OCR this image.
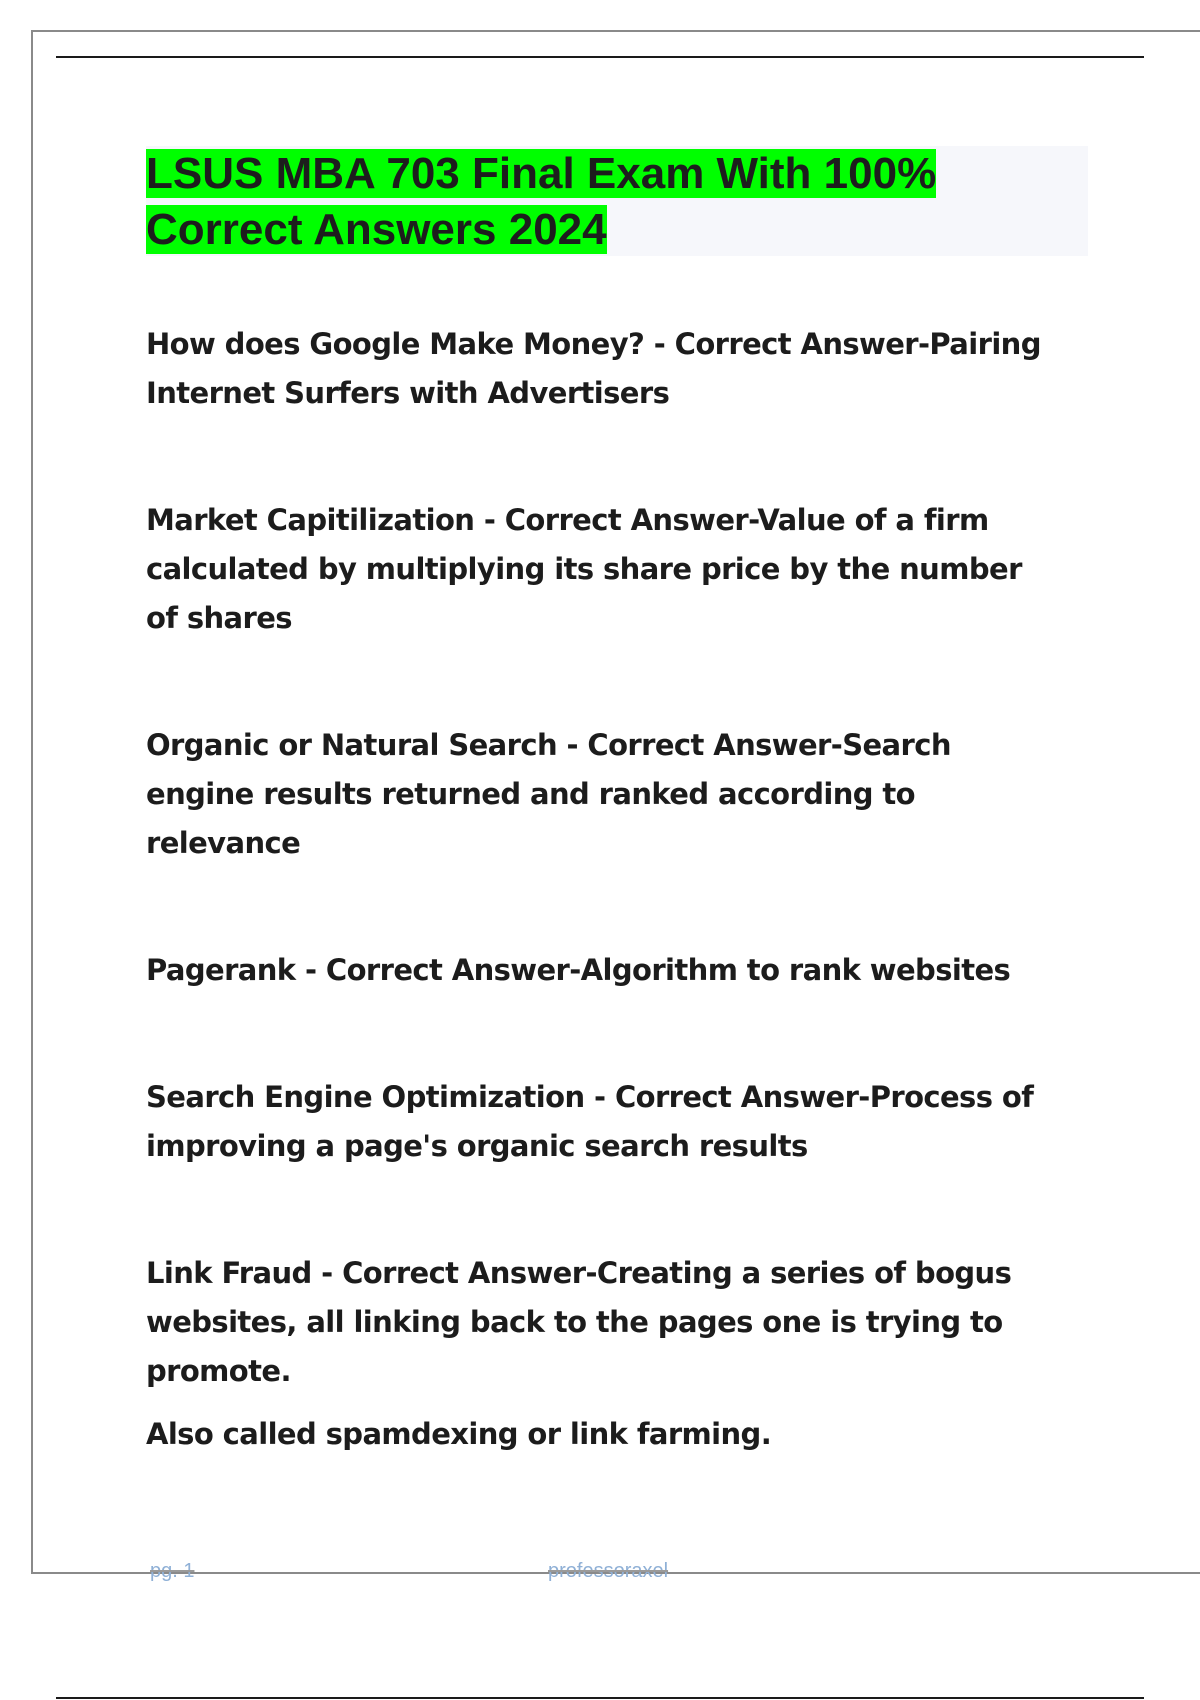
LSUS MBA 703 Final Exam With 100% Correct Answers 2024

How does Google Make Money? - Correct Answer-Pairing Internet Surfers with Advertisers

Market Capitilization - Correct Answer-Value of a firm calculated by multiplying its share price by the number of shares

Organic or Natural Search - Correct Answer-Search engine results returned and ranked according to relevance

Pagerank - Correct Answer-Algorithm to rank websites

Search Engine Optimization - Correct Answer-Process of improving a page's organic search results

Link Fraud - Correct Answer-Creating a series of bogus websites, all linking back to the pages one is trying to promote.

Also called spamdexing or link farming.

pg. 1	professoraxel
